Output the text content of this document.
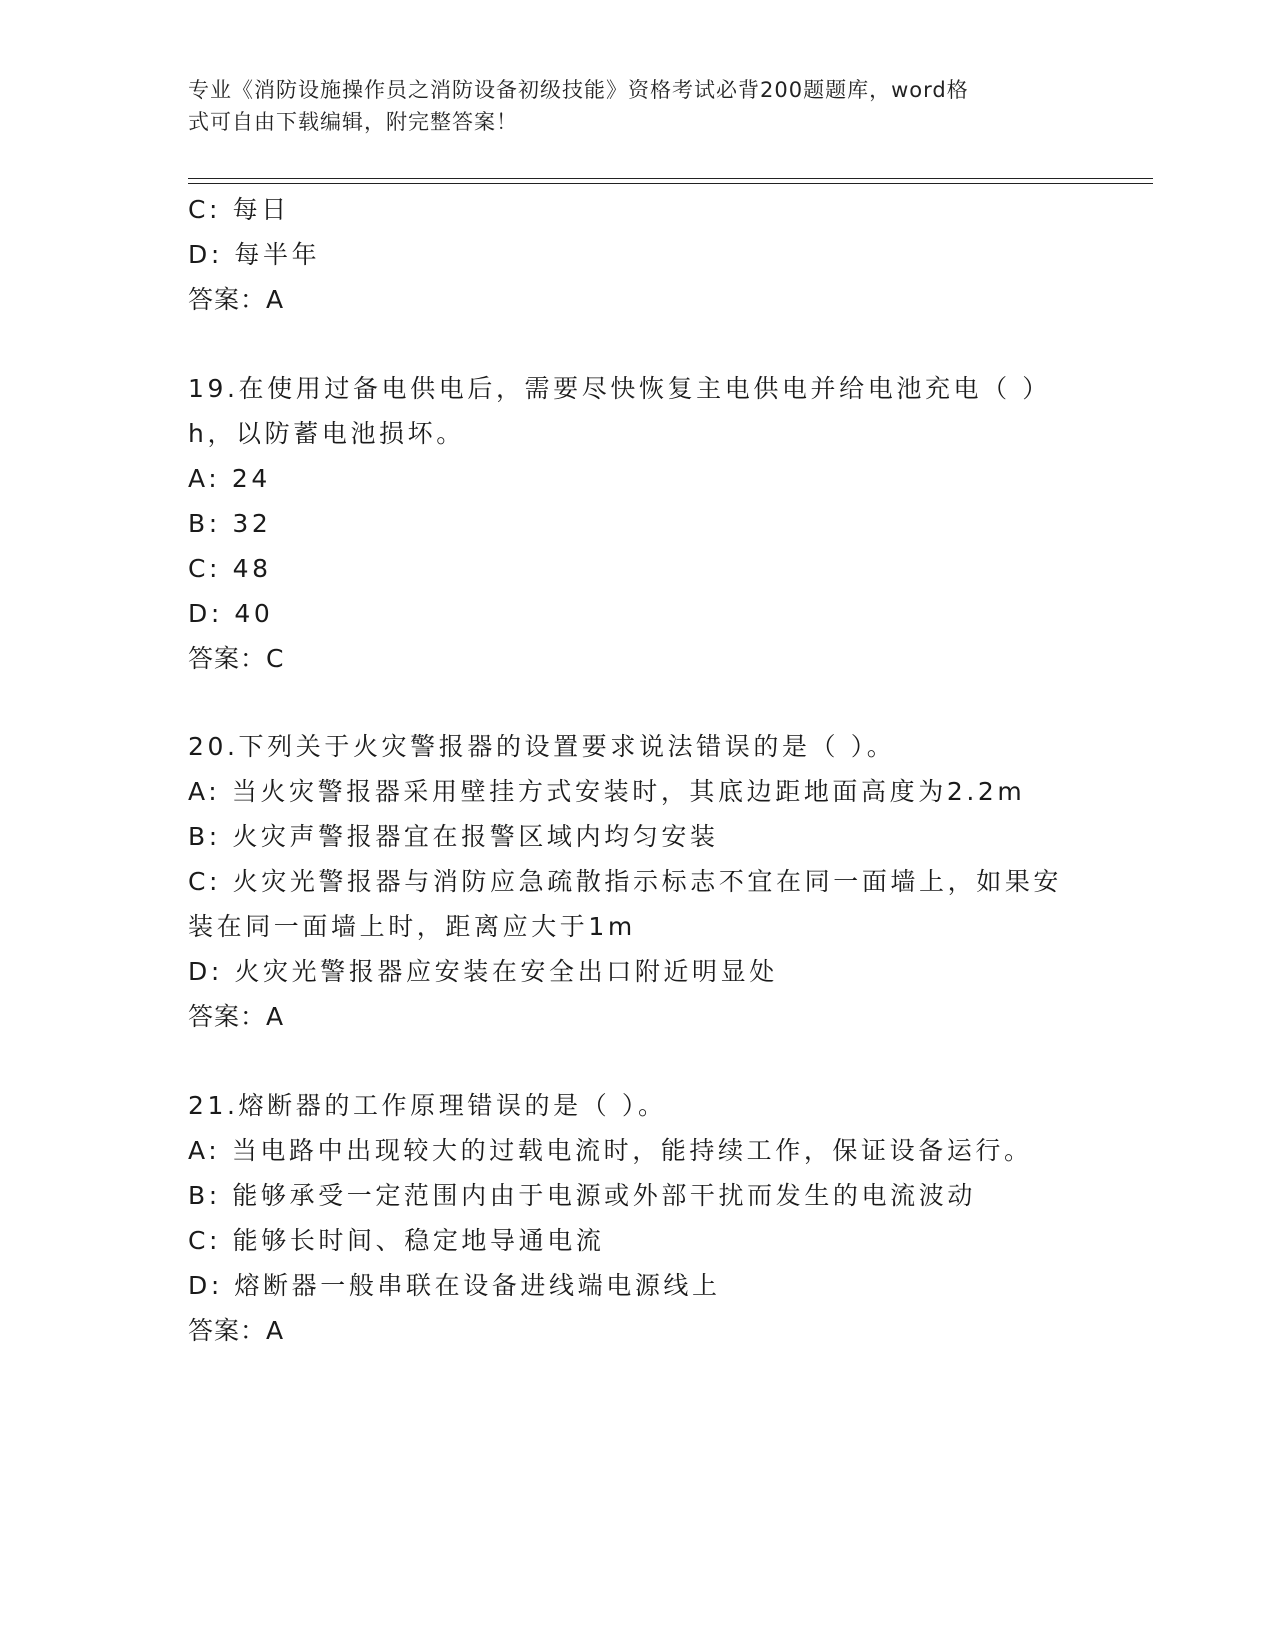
专业《消防设施操作员之消防设备初级技能》资格考试必背200题题库，word格
式可自由下载编辑，附完整答案！
C: 每日
D: 每半年
答案：A
19.在使用过备电供电后，需要尽快恢复主电供电并给电池充电（ ）
h，以防蓄电池损坏。
A: 24
B: 32
C: 48
D: 40
答案：C
20.下列关于火灾警报器的设置要求说法错误的是（ ）。
A: 当火灾警报器采用壁挂方式安装时，其底边距地面高度为2.2m
B: 火灾声警报器宜在报警区域内均匀安装
C: 火灾光警报器与消防应急疏散指示标志不宜在同一面墙上，如果安
装在同一面墙上时，距离应大于1m
D: 火灾光警报器应安装在安全出口附近明显处
答案：A
21.熔断器的工作原理错误的是（ ）。
A: 当电路中出现较大的过载电流时，能持续工作，保证设备运行。
B: 能够承受一定范围内由于电源或外部干扰而发生的电流波动
C: 能够长时间、稳定地导通电流
D: 熔断器一般串联在设备进线端电源线上
答案：A
